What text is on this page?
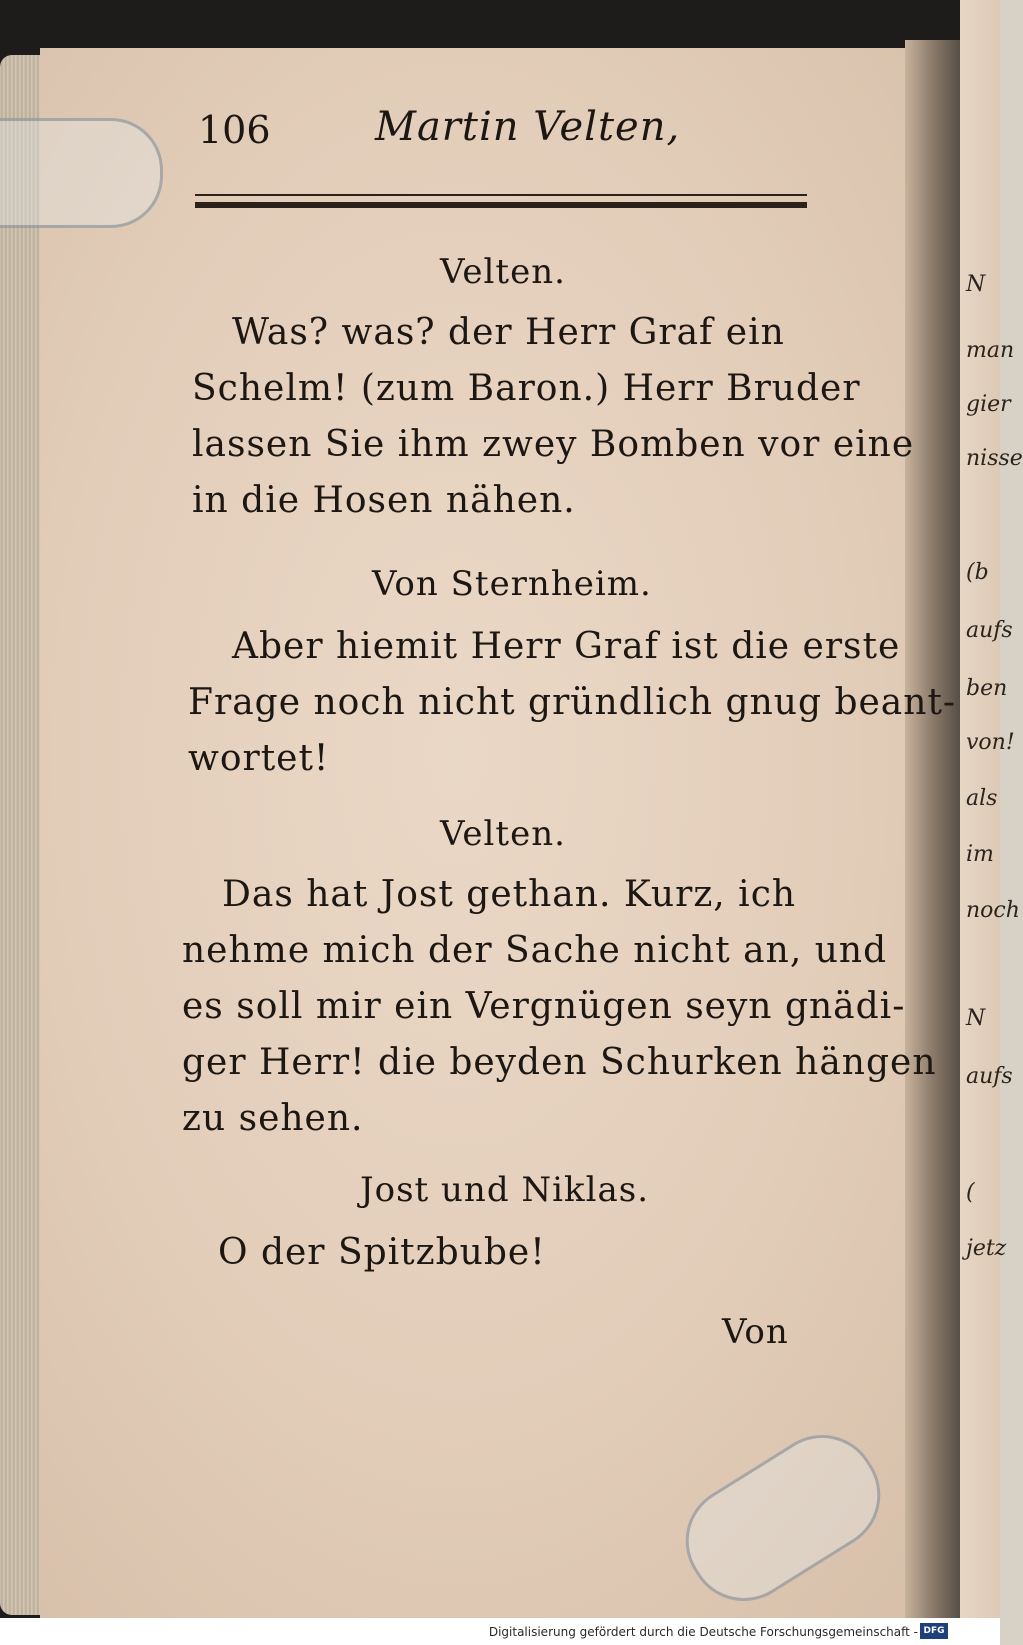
N
man
gier
nisse
(b
aufs
ben
von!
als
im
noch
N
aufs
(
jetz
106	Martin Velten,
Velten.
Was? was? der Herr Graf ein
Schelm! (zum Baron.) Herr Bruder
lassen Sie ihm zwey Bomben vor eine
in die Hosen nähen.
Von Sternheim.
Aber hiemit Herr Graf ist die erste
Frage noch nicht gründlich gnug beant-
wortet!
Velten.
Das hat Jost gethan. Kurz, ich
nehme mich der Sache nicht an, und
es soll mir ein Vergnügen seyn gnädi-
ger Herr! die beyden Schurken hängen
zu sehen.
Jost und Niklas.
O der Spitzbube!
Von
Digitalisierung gefördert durch die Deutsche Forschungsgemeinschaft - DFG
